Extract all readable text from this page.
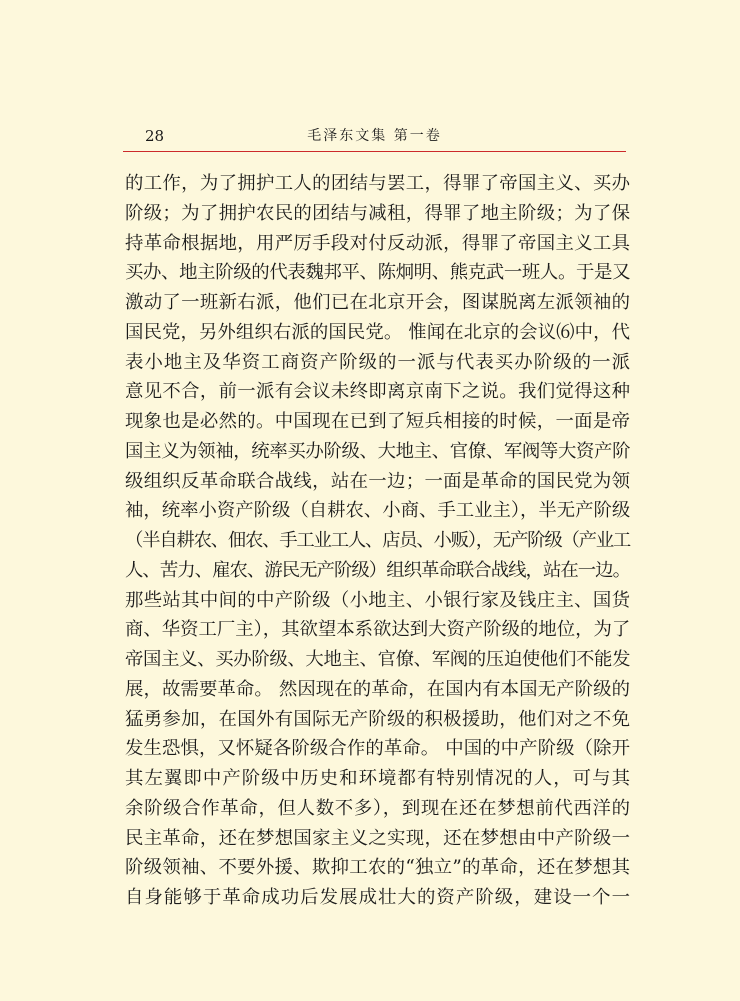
28	毛泽东文集 第一卷
的工作，为了拥护工人的团结与罢工，得罪了帝国主义、买办
阶级；为了拥护农民的团结与减租，得罪了地主阶级；为了保
持革命根据地，用严厉手段对付反动派，得罪了帝国主义工具
买办、地主阶级的代表魏邦平、陈炯明、熊克武一班人。于是又
激动了一班新右派，他们已在北京开会，图谋脱离左派领袖的
国民党，另外组织右派的国民党。 惟闻在北京的会议⑹中，代
表小地主及华资工商资产阶级的一派与代表买办阶级的一派
意见不合，前一派有会议未终即离京南下之说。我们觉得这种
现象也是必然的。中国现在已到了短兵相接的时候，一面是帝
国主义为领袖，统率买办阶级、大地主、官僚、军阀等大资产阶
级组织反革命联合战线，站在一边；一面是革命的国民党为领
袖，统率小资产阶级（自耕农、小商、手工业主），半无产阶级
（半自耕农、佃农、手工业工人、店员、小贩），无产阶级（产业工
人、苦力、雇农、游民无产阶级）组织革命联合战线，站在一边。
那些站其中间的中产阶级（小地主、小银行家及钱庄主、国货
商、华资工厂主），其欲望本系欲达到大资产阶级的地位，为了
帝国主义、买办阶级、大地主、官僚、军阀的压迫使他们不能发
展，故需要革命。 然因现在的革命，在国内有本国无产阶级的
猛勇参加，在国外有国际无产阶级的积极援助，他们对之不免
发生恐惧，又怀疑各阶级合作的革命。 中国的中产阶级（除开
其左翼即中产阶级中历史和环境都有特别情况的人，可与其
余阶级合作革命，但人数不多），到现在还在梦想前代西洋的
民主革命，还在梦想国家主义之实现，还在梦想由中产阶级一
阶级领袖、不要外援、欺抑工农的“独立”的革命，还在梦想其
自身能够于革命成功后发展成壮大的资产阶级，建设一个一
